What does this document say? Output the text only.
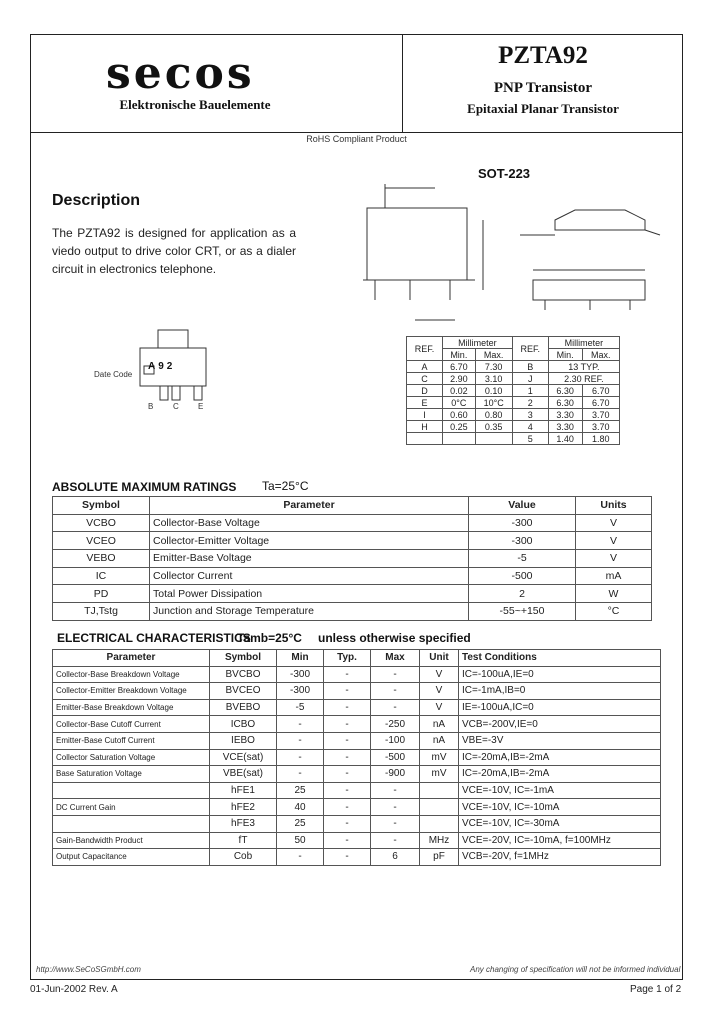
secos
Elektronische Bauelemente
PZTA92
PNP Transistor
Epitaxial Planar Transistor
RoHS Compliant Product
Description
The PZTA92 is designed for application as a viedo output to drive color CRT, or as a dialer circuit in electronics telephone.
SOT-223
Date Code
A92
B C E
REF.	Millimeter		REF.	Millimeter	
	Min.	Max.		Min.	Max.
A	6.70	7.30	B	13 TYP.	
C	2.90	3.10	J	2.30 REF.	
D	0.02	0.10	1	6.30	6.70
E	0°C	10°C	2	6.30	6.70
I	0.60	0.80	3	3.30	3.70
H	0.25	0.35	4	3.30	3.70
			5	1.40	1.80
ABSOLUTE MAXIMUM RATINGS Ta=25°C
Symbol	Parameter	Value	Units
VCBO	Collector-Base Voltage	-300	V
VCEO	Collector-Emitter Voltage	-300	V
VEBO	Emitter-Base Voltage	-5	V
IC	Collector Current	-500	mA
PD	Total Power Dissipation	2	W
TJ,Tstg	Junction and Storage Temperature	-55~+150	°C
ELECTRICAL CHARACTERISTICS
Tamb=25°C unless otherwise specified
Parameter	Symbol	Min	Typ.	Max	Unit	Test Conditions
Collector-Base Breakdown Voltage	BVCBO	-300	-	-	V	IC=-100uA,IE=0
Collector-Emitter Breakdown Voltage	BVCEO	-300	-	-	V	IC=-1mA,IB=0
Emitter-Base Breakdown Voltage	BVEBO	-5	-	-	V	IE=-100uA,IC=0
Collector-Base Cutoff Current	ICBO	-	-	-250	nA	VCB=-200V,IE=0
Emitter-Base Cutoff Current	IEBO	-	-	-100	nA	VBE=-3V
Collector Saturation Voltage	VCE(sat)	-	-	-500	mV	IC=-20mA,IB=-2mA
Base Saturation Voltage	VBE(sat)	-	-	-900	mV	IC=-20mA,IB=-2mA
	hFE1	25	-	-		VCE=-10V, IC=-1mA
DC Current Gain	hFE2	40	-	-		VCE=-10V, IC=-10mA
	hFE3	25	-	-		VCE=-10V, IC=-30mA
Gain-Bandwidth Product	fT	50	-	-	MHz	VCE=-20V, IC=-10mA, f=100MHz
Output Capacitance	Cob	-	-	6	pF	VCB=-20V, f=1MHz
http://www.SeCoSGmbH.com	Any changing of specification will not be informed individual
01-Jun-2002 Rev. A	Page 1 of 2
